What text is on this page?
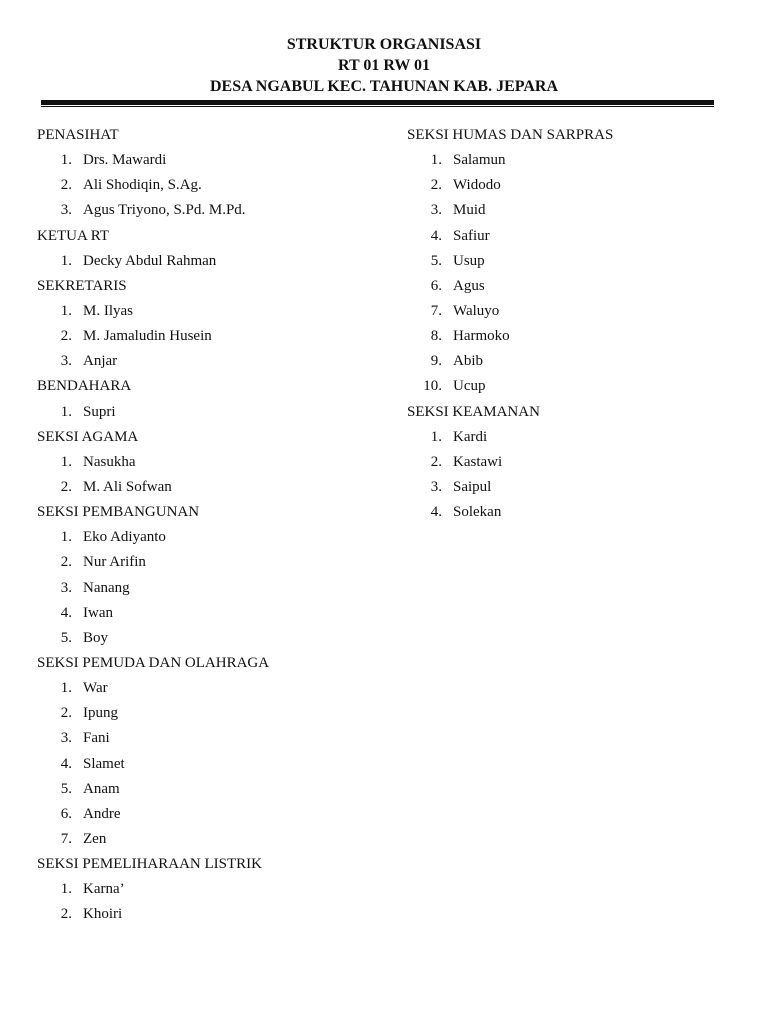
STRUKTUR ORGANISASI
RT 01 RW 01
DESA NGABUL KEC. TAHUNAN KAB. JEPARA
PENASIHAT
1. Drs. Mawardi
2. Ali Shodiqin, S.Ag.
3. Agus Triyono, S.Pd. M.Pd.
KETUA RT
1. Decky Abdul Rahman
SEKRETARIS
1. M. Ilyas
2. M. Jamaludin Husein
3. Anjar
BENDAHARA
1. Supri
SEKSI AGAMA
1. Nasukha
2. M. Ali Sofwan
SEKSI PEMBANGUNAN
1. Eko Adiyanto
2. Nur Arifin
3. Nanang
4. Iwan
5. Boy
SEKSI PEMUDA DAN OLAHRAGA
1. War
2. Ipung
3. Fani
4. Slamet
5. Anam
6. Andre
7. Zen
SEKSI PEMELIHARAAN LISTRIK
1. Karna’
2. Khoiri
SEKSI HUMAS DAN SARPRAS
1. Salamun
2. Widodo
3. Muid
4. Safiur
5. Usup
6. Agus
7. Waluyo
8. Harmoko
9. Abib
10. Ucup
SEKSI KEAMANAN
1. Kardi
2. Kastawi
3. Saipul
4. Solekan
